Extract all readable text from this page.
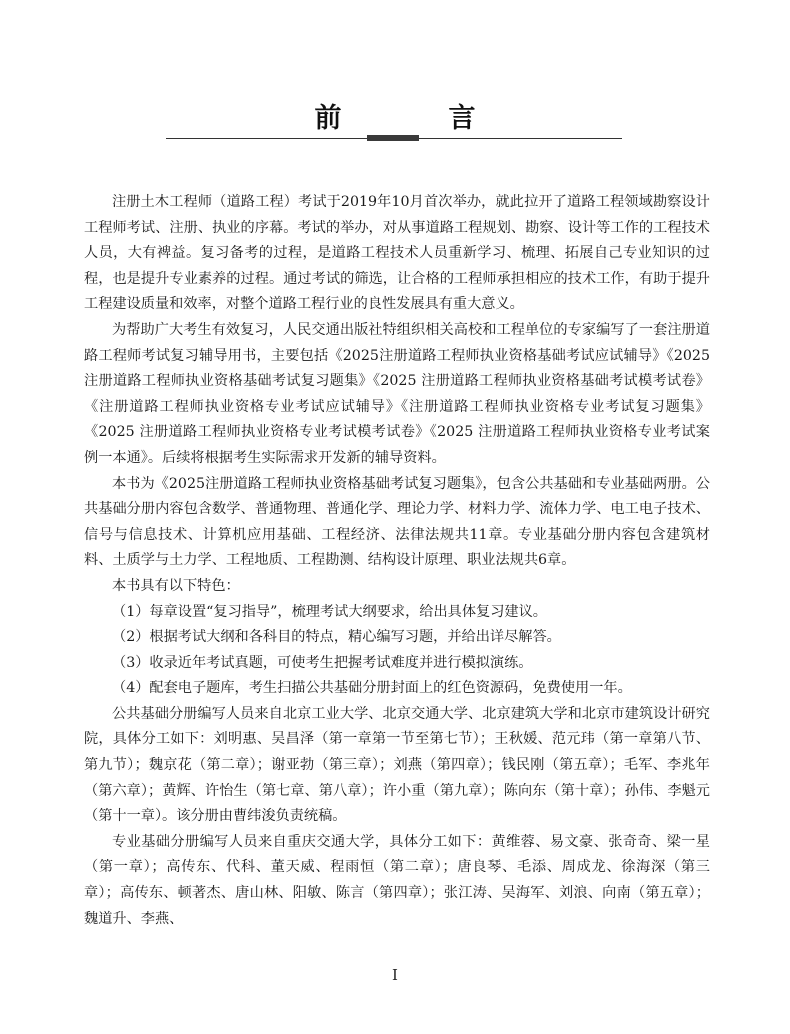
前　言

注册土木工程师（道路工程）考试于2019年10月首次举办，就此拉开了道路工程领域勘察设计工程师考试、注册、执业的序幕。考试的举办，对从事道路工程规划、勘察、设计等工作的工程技术人员，大有裨益。复习备考的过程，是道路工程技术人员重新学习、梳理、拓展自己专业知识的过程，也是提升专业素养的过程。通过考试的筛选，让合格的工程师承担相应的技术工作，有助于提升工程建设质量和效率，对整个道路工程行业的良性发展具有重大意义。

为帮助广大考生有效复习，人民交通出版社特组织相关高校和工程单位的专家编写了一套注册道路工程师考试复习辅导用书，主要包括《2025注册道路工程师执业资格基础考试应试辅导》《2025注册道路工程师执业资格基础考试复习题集》《2025 注册道路工程师执业资格基础考试模考试卷》《注册道路工程师执业资格专业考试应试辅导》《注册道路工程师执业资格专业考试复习题集》《2025 注册道路工程师执业资格专业考试模考试卷》《2025 注册道路工程师执业资格专业考试案例一本通》。后续将根据考生实际需求开发新的辅导资料。

本书为《2025注册道路工程师执业资格基础考试复习题集》，包含公共基础和专业基础两册。公共基础分册内容包含数学、普通物理、普通化学、理论力学、材料力学、流体力学、电工电子技术、信号与信息技术、计算机应用基础、工程经济、法律法规共11章。专业基础分册内容包含建筑材料、土质学与土力学、工程地质、工程勘测、结构设计原理、职业法规共6章。

本书具有以下特色：

（1）每章设置“复习指导”，梳理考试大纲要求，给出具体复习建议。

（2）根据考试大纲和各科目的特点，精心编写习题，并给出详尽解答。

（3）收录近年考试真题，可使考生把握考试难度并进行模拟演练。

（4）配套电子题库，考生扫描公共基础分册封面上的红色资源码，免费使用一年。

公共基础分册编写人员来自北京工业大学、北京交通大学、北京建筑大学和北京市建筑设计研究院，具体分工如下：刘明惠、吴昌泽（第一章第一节至第七节）；王秋媛、范元玮（第一章第八节、第九节）；魏京花（第二章）；谢亚勃（第三章）；刘燕（第四章）；钱民刚（第五章）；毛军、李兆年（第六章）；黄辉、许怡生（第七章、第八章）；许小重（第九章）；陈向东（第十章）；孙伟、李魁元（第十一章）。该分册由曹纬浚负责统稿。

专业基础分册编写人员来自重庆交通大学，具体分工如下：黄维蓉、易文豪、张奇奇、梁一星（第一章）；高传东、代科、董天威、程雨恒（第二章）；唐良琴、毛添、周成龙、徐海深（第三章）；高传东、顿著杰、唐山林、阳敏、陈言（第四章）；张江涛、吴海军、刘浪、向南（第五章）；魏道升、李燕、

I
